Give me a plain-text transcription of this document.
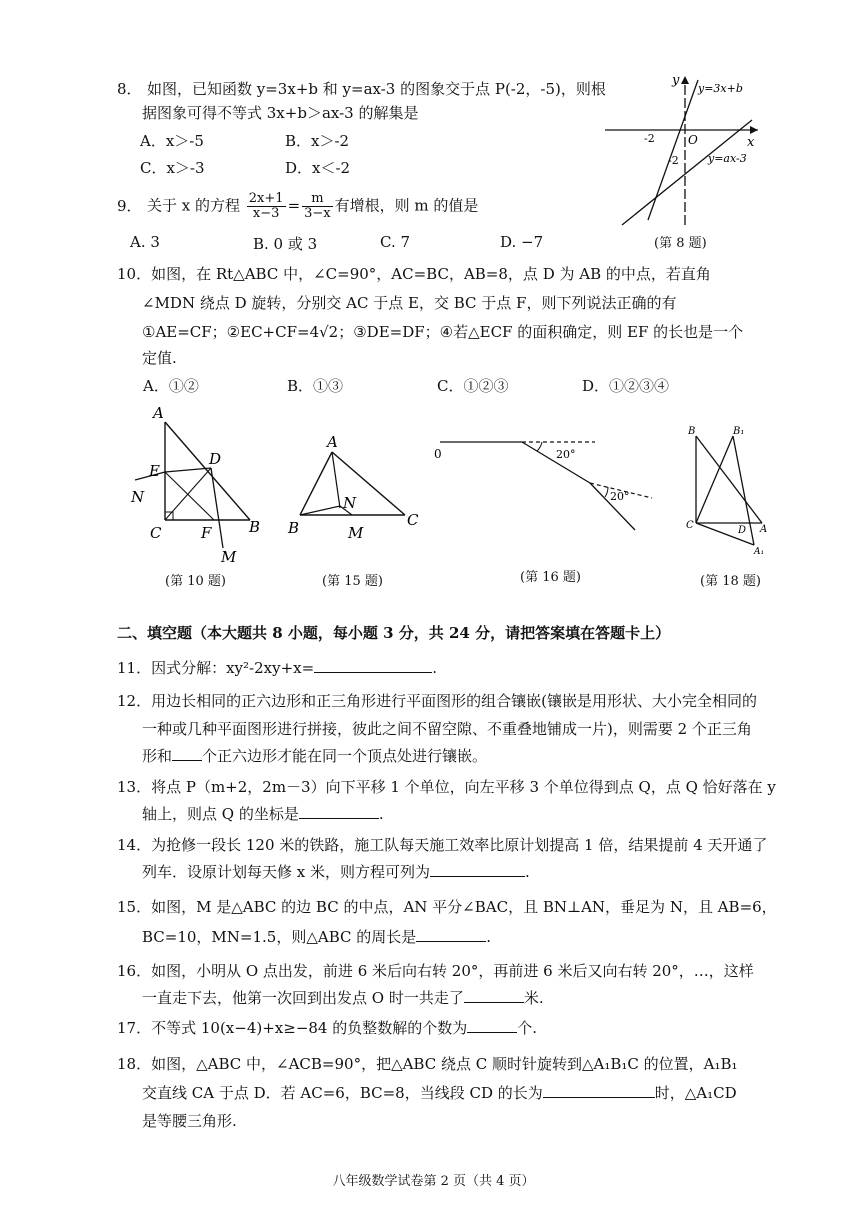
8． 如图，已知函数 y=3x+b 和 y=ax-3 的图象交于点 P(-2，-5)，则根
据图象可得不等式 3x+b＞ax-3 的解集是
A．x＞-5	B．x＞-2
C．x＞-3	D．x＜-2
y
x
O
-2
-2
y=3x+b
y=ax-3
(第 8 题)
9． 关于 x 的方程 $\frac{2x+1}{x-3} = \frac{m}{3-x}$ 有增根，则 m 的值是
A. 3	B. 0 或 3	C. 7	D. −7
10．如图，在 Rt△ABC 中，∠C=90°，AC=BC，AB=8，点 D 为 AB 的中点，若直角
∠MDN 绕点 D 旋转，分别交 AC 于点 E，交 BC 于点 F，则下列说法正确的有
①AE=CF；②EC+CF=4√2；③DE=DF；④若△ECF 的面积确定，则 EF 的长也是一个
定值.
A．①②	B．①③	C．①②③	D．①②③④
A
E
D
N
C	F	B
M
(第 10 题)
A
N
B	M
C
(第 15 题)
0	20°
20°
(第 16 题)
B	B₁
C	D A
A₁
(第 18 题)
二、填空题（本大题共 8 小题，每小题 3 分，共 24 分，请把答案填在答题卡上）
11．因式分解：xy²-2xy+x=	.
12．用边长相同的正六边形和正三角形进行平面图形的组合镶嵌(镶嵌是用形状、大小完全相同的
一种或几种平面图形进行拼接，彼此之间不留空隙、不重叠地铺成一片)，则需要 2 个正三角
形和 个正六边形才能在同一个顶点处进行镶嵌。
13．将点 P（m+2，2m－3）向下平移 1 个单位，向左平移 3 个单位得到点 Q，点 Q 恰好落在 y
轴上，则点 Q 的坐标是	.
14．为抢修一段长 120 米的铁路，施工队每天施工效率比原计划提高 1 倍，结果提前 4 天开通了
列车．设原计划每天修 x 米，则方程可列为	.
15．如图，M 是△ABC 的边 BC 的中点，AN 平分∠BAC，且 BN⊥AN，垂足为 N，且 AB=6，
BC=10，MN=1.5，则△ABC 的周长是	.
16．如图，小明从 O 点出发，前进 6 米后向右转 20°，再前进 6 米后又向右转 20°，…，这样
一直走下去，他第一次回到出发点 O 时一共走了	米.
17．不等式 10(x−4)+x≥−84 的负整数解的个数为	个.
18．如图，△ABC 中，∠ACB=90°，把△ABC 绕点 C 顺时针旋转到△A₁B₁C 的位置，A₁B₁
交直线 CA 于点 D．若 AC=6，BC=8，当线段 CD 的长为	时，△A₁CD
是等腰三角形.
八年级数学试卷第 2 页（共 4 页）
